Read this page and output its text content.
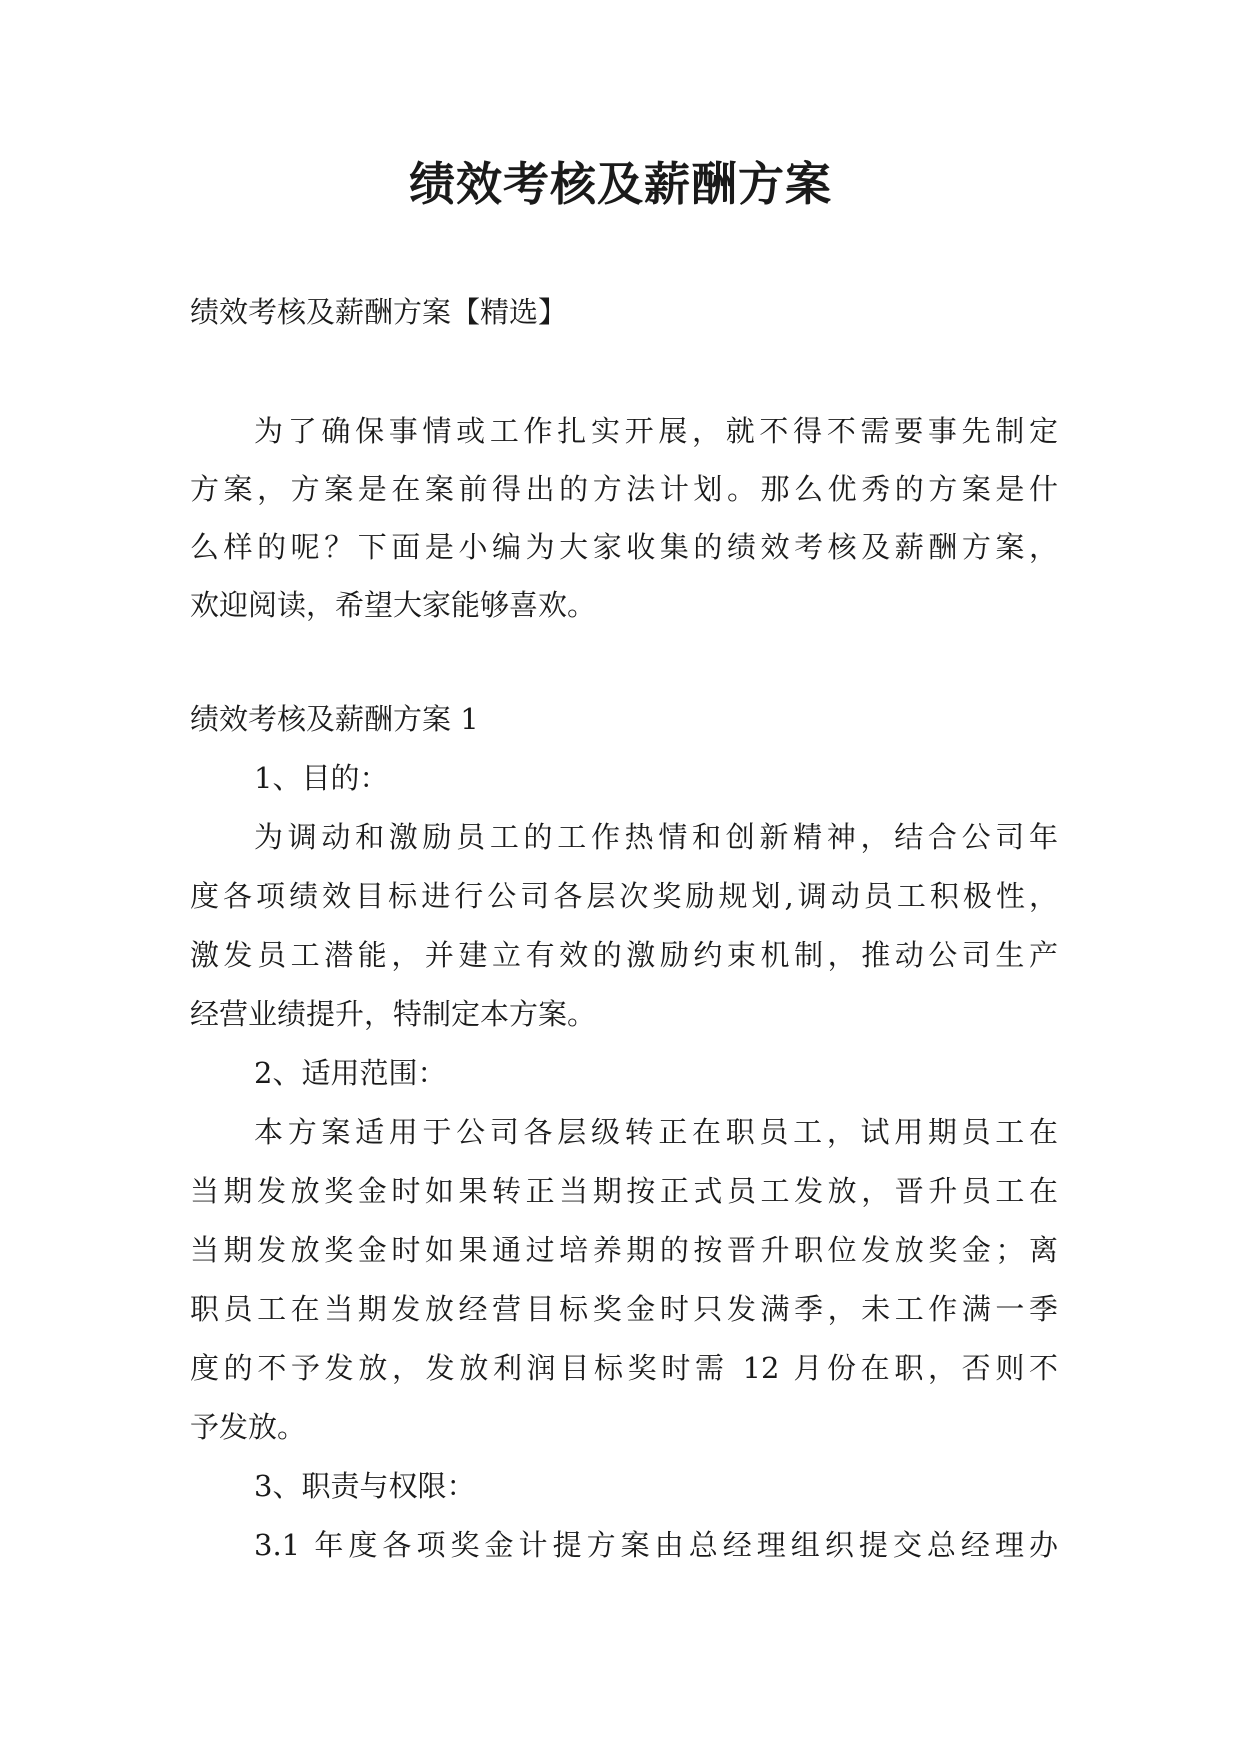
绩效考核及薪酬方案

绩效考核及薪酬方案【精选】

为了确保事情或工作扎实开展，就不得不需要事先制定
方案，方案是在案前得出的方法计划。那么优秀的方案是什
么样的呢？下面是小编为大家收集的绩效考核及薪酬方案，
欢迎阅读，希望大家能够喜欢。
绩效考核及薪酬方案 1
1、目的：
为调动和激励员工的工作热情和创新精神，结合公司年
度各项绩效目标进行公司各层次奖励规划,调动员工积极性，
激发员工潜能，并建立有效的激励约束机制，推动公司生产
经营业绩提升，特制定本方案。
2、适用范围：
本方案适用于公司各层级转正在职员工，试用期员工在
当期发放奖金时如果转正当期按正式员工发放，晋升员工在
当期发放奖金时如果通过培养期的按晋升职位发放奖金；离
职员工在当期发放经营目标奖金时只发满季，未工作满一季
度的不予发放，发放利润目标奖时需 12 月份在职，否则不
予发放。
3、职责与权限：
3.1 年度各项奖金计提方案由总经理组织提交总经理办
